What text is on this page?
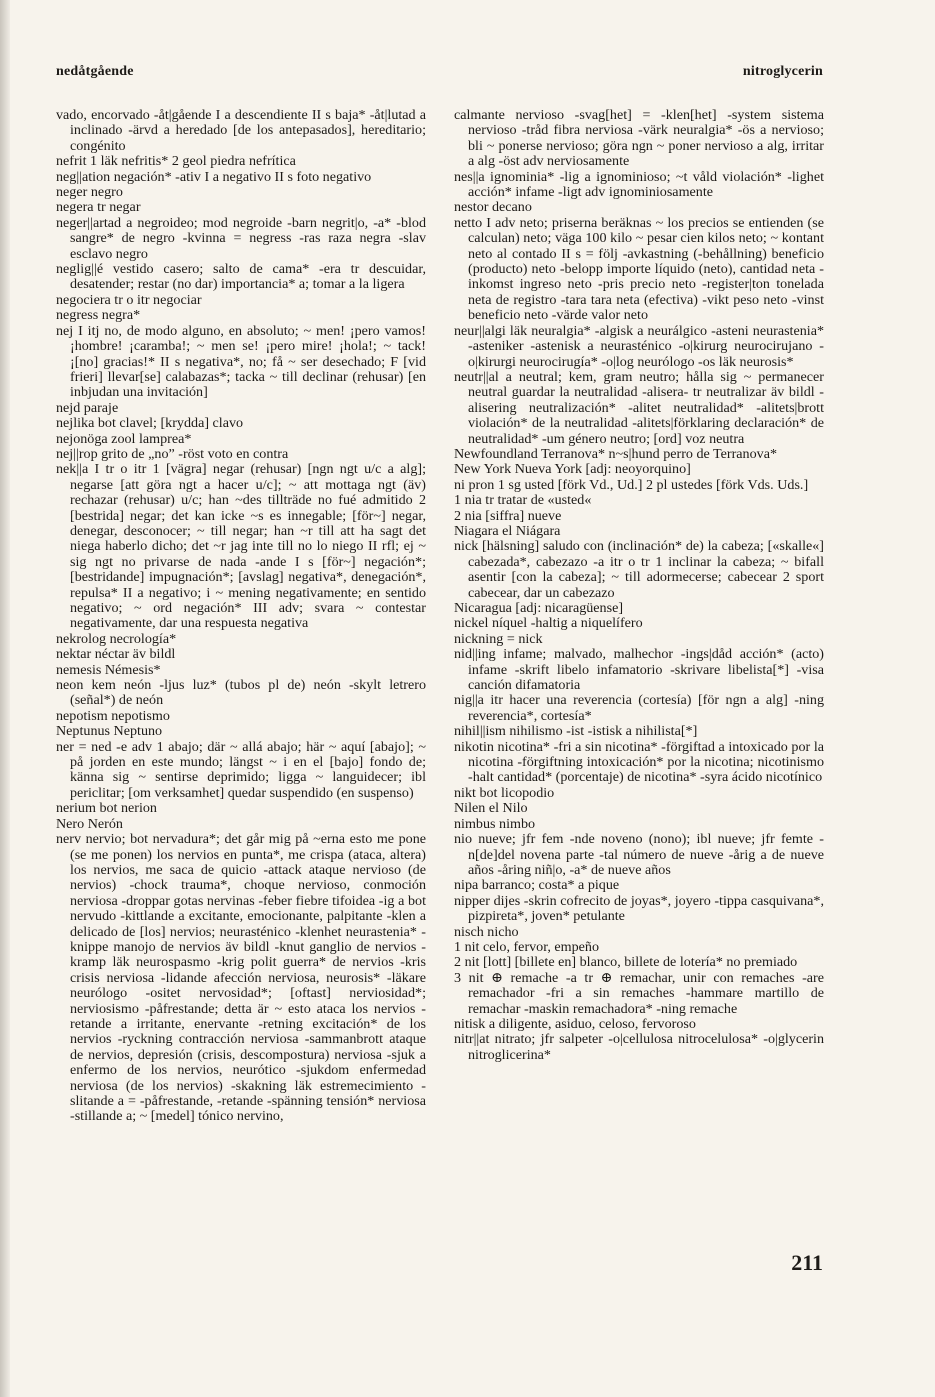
nedåtgående	nitroglycerin

vado, encorvado -åt|gående I a descendiente II s baja* -åt|lutad a inclinado -ärvd a heredado [de los antepasados], hereditario; congénito

nefrit 1 läk nefritis* 2 geol piedra nefrítica

neg||ation negación* -ativ I a negativo II s foto negativo

neger negro

negera tr negar

neger||artad a negroideo; mod negroide -barn negrit|o, -a* -blod sangre* de negro -kvinna = negress -ras raza negra -slav esclavo negro

neglig||é vestido casero; salto de cama* -era tr descuidar, desatender; restar (no dar) importancia* a; tomar a la ligera

negociera tr o itr negociar

negress negra*

nej I itj no, de modo alguno, en absoluto; ~ men! ¡pero vamos! ¡hombre! ¡caramba!; ~ men se! ¡pero mire! ¡hola!; ~ tack! ¡[no] gracias!* II s negativa*, no; få ~ ser desechado; F [vid frieri] llevar[se] calabazas*; tacka ~ till declinar (rehusar) [en inbjudan una invitación]

nejd paraje

nejlika bot clavel; [krydda] clavo

nejonöga zool lamprea*

nej||rop grito de „no” -röst voto en contra

nek||a I tr o itr 1 [vägra] negar (rehusar) [ngn ngt u/c a alg]; negarse [att göra ngt a hacer u/c]; ~ att mottaga ngt (äv) rechazar (rehusar) u/c; han ~des tillträde no fué admitido 2 [bestrida] negar; det kan icke ~s es innegable; [för~] negar, denegar, desconocer; ~ till negar; han ~r till att ha sagt det niega haberlo dicho; det ~r jag inte till no lo niego II rfl; ej ~ sig ngt no privarse de nada -ande I s [för~] negación*; [bestridande] impugnación*; [avslag] negativa*, denegación*, repulsa* II a negativo; i ~ mening negativamente; en sentido negativo; ~ ord negación* III adv; svara ~ contestar negativamente, dar una respuesta negativa

nekrolog necrología*

nektar néctar äv bildl

nemesis Némesis*

neon kem neón -ljus luz* (tubos pl de) neón -skylt letrero (señal*) de neón

nepotism nepotismo

Neptunus Neptuno

ner = ned -e adv 1 abajo; där ~ allá abajo; här ~ aquí [abajo]; ~ på jorden en este mundo; längst ~ i en el [bajo] fondo de; känna sig ~ sentirse deprimido; ligga ~ languidecer; ibl periclitar; [om verksamhet] quedar suspendido (en suspenso)

nerium bot nerion

Nero Nerón

nerv nervio; bot nervadura*; det går mig på ~erna esto me pone (se me ponen) los nervios en punta*, me crispa (ataca, altera) los nervios, me saca de quicio -attack ataque nervioso (de nervios) -chock trauma*, choque nervioso, conmoción nerviosa -droppar gotas nervinas -feber fiebre tifoidea -ig a bot nervudo -kittlande a excitante, emocionante, palpitante -klen a delicado de [los] nervios; neurasténico -klenhet neurastenia* -knippe manojo de nervios äv bildl -knut ganglio de nervios -kramp läk neurospasmo -krig polit guerra* de nervios -kris crisis nerviosa -lidande afección nerviosa, neurosis* -läkare neurólogo -ositet nervosidad*; [oftast] nerviosidad*; nerviosismo -påfrestande; detta är ~ esto ataca los nervios -retande a irritante, enervante -retning excitación* de los nervios -ryckning contracción nerviosa -sammanbrott ataque de nervios, depresión (crisis, descompostura) nerviosa -sjuk a enfermo de los nervios, neurótico -sjukdom enfermedad nerviosa (de los nervios) -skakning läk estremecimiento -slitande a = -påfrestande, -retande -spänning tensión* nerviosa -stillande a; ~ [medel] tónico nervino,

calmante nervioso -svag[het] = -klen[het] -system sistema nervioso -tråd fibra nerviosa -värk neuralgia* -ös a nervioso; bli ~ ponerse nervioso; göra ngn ~ poner nervioso a alg, irritar a alg -öst adv nerviosamente

nes||a ignominia* -lig a ignominioso; ~t våld violación* -lighet acción* infame -ligt adv ignominiosamente

nestor decano

netto I adv neto; priserna beräknas ~ los precios se entienden (se calculan) neto; väga 100 kilo ~ pesar cien kilos neto; ~ kontant neto al contado II s = följ -avkastning (-behållning) beneficio (producto) neto -belopp importe líquido (neto), cantidad neta -inkomst ingreso neto -pris precio neto -register|ton tonelada neta de registro -tara tara neta (efectiva) -vikt peso neto -vinst beneficio neto -värde valor neto

neur||algi läk neuralgia* -algisk a neurálgico -asteni neurastenia* -asteniker -astenisk a neurasténico -o|kirurg neurocirujano -o|kirurgi neurocirugía* -o|log neurólogo -os läk neurosis*

neutr||al a neutral; kem, gram neutro; hålla sig ~ permanecer neutral guardar la neutralidad -alisera- tr neutralizar äv bildl -alisering neutralización* -alitet neutralidad* -alitets|brott violación* de la neutralidad -alitets|förklaring declaración* de neutralidad* -um género neutro; [ord] voz neutra

Newfoundland Terranova* n~s|hund perro de Terranova*

New York Nueva York [adj: neoyorquino]

ni pron 1 sg usted [förk Vd., Ud.] 2 pl ustedes [förk Vds. Uds.]

1 nia tr tratar de «usted«

2 nia [siffra] nueve

Niagara el Niágara

nick [hälsning] saludo con (inclinación* de) la cabeza; [«skalle«] cabezada*, cabezazo -a itr o tr 1 inclinar la cabeza; ~ bifall asentir [con la cabeza]; ~ till adormecerse; cabecear 2 sport cabecear, dar un cabezazo

Nicaragua [adj: nicaragüense]

nickel níquel -haltig a niquelífero

nickning = nick

nid||ing infame; malvado, malhechor -ings|dåd acción* (acto) infame -skrift libelo infamatorio -skrivare libelista[*] -visa canción difamatoria

nig||a itr hacer una reverencia (cortesía) [för ngn a alg] -ning reverencia*, cortesía*

nihil||ism nihilismo -ist -istisk a nihilista[*]

nikotin nicotina* -fri a sin nicotina* -förgiftad a intoxicado por la nicotina -förgiftning intoxicación* por la nicotina; nicotinismo -halt cantidad* (porcentaje) de nicotina* -syra ácido nicotínico

nikt bot licopodio

Nilen el Nilo

nimbus nimbo

nio nueve; jfr fem -nde noveno (nono); ibl nueve; jfr femte -n[de]del novena parte -tal número de nueve -årig a de nueve años -åring niñ|o, -a* de nueve años

nipa barranco; costa* a pique

nipper dijes -skrin cofrecito de joyas*, joyero -tippa casquivana*, pizpireta*, joven* petulante

nisch nicho

1 nit celo, fervor, empeño

2 nit [lott] [billete en] blanco, billete de lotería* no premiado

3 nit ⊕ remache -a tr ⊕ remachar, unir con remaches -are remachador -fri a sin remaches -hammare martillo de remachar -maskin remachadora* -ning remache

nitisk a diligente, asiduo, celoso, fervoroso

nitr||at nitrato; jfr salpeter -o|cellulosa nitrocelulosa* -o|glycerin nitroglicerina*

211
